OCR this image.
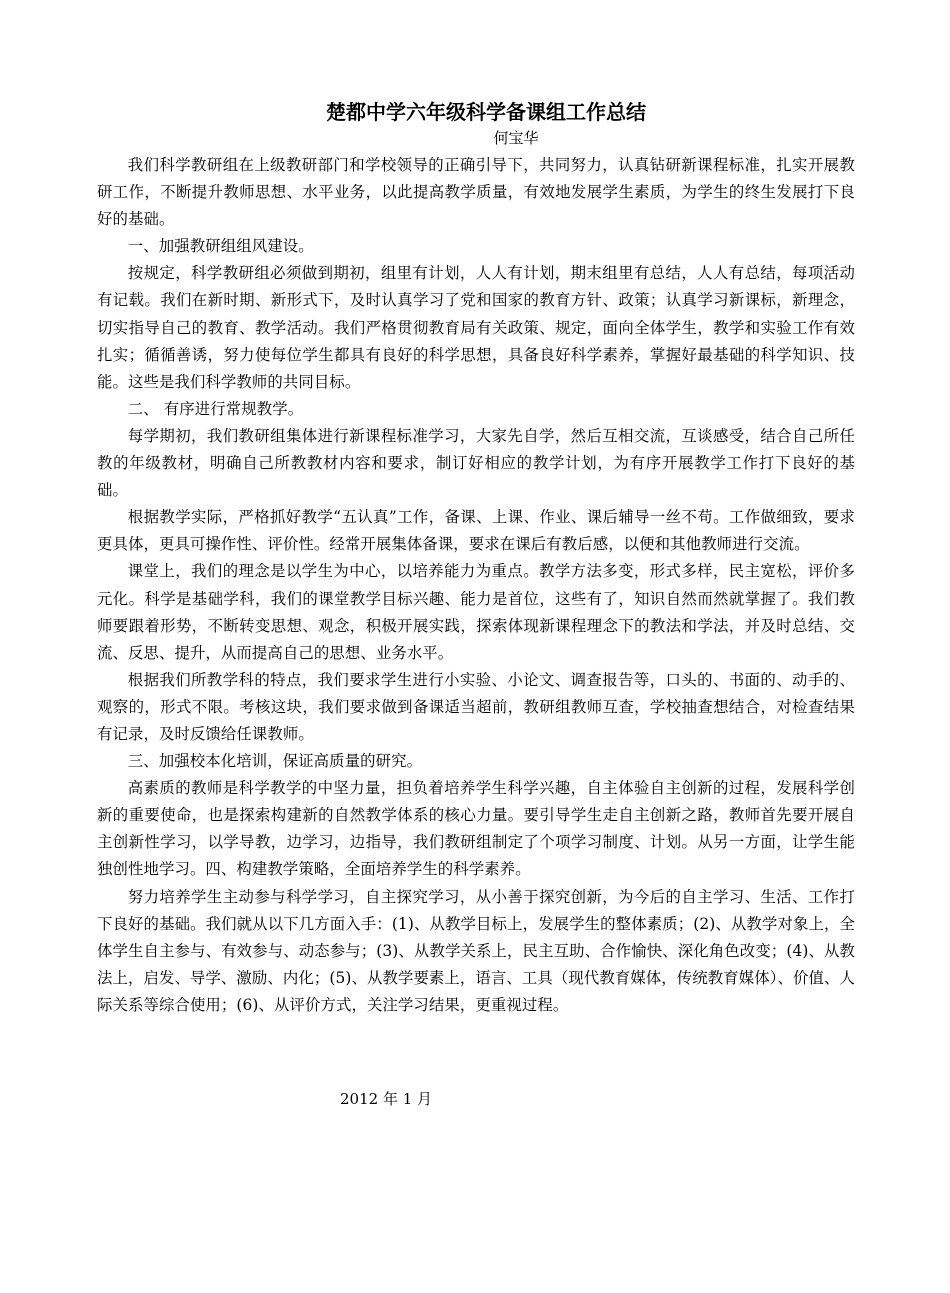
楚都中学六年级科学备课组工作总结
何宝华

我们科学教研组在上级教研部门和学校领导的正确引导下，共同努力，认真钻研新课程标准，扎实开展教研工作，不断提升教师思想、水平业务，以此提高教学质量，有效地发展学生素质，为学生的终生发展打下良好的基础。

一、加强教研组组风建设。

按规定，科学教研组必须做到期初，组里有计划，人人有计划，期末组里有总结，人人有总结，每项活动有记载。我们在新时期、新形式下，及时认真学习了党和国家的教育方针、政策；认真学习新课标，新理念，切实指导自己的教育、教学活动。我们严格贯彻教育局有关政策、规定，面向全体学生，教学和实验工作有效扎实；循循善诱，努力使每位学生都具有良好的科学思想，具备良好科学素养，掌握好最基础的科学知识、技能。这些是我们科学教师的共同目标。

二、 有序进行常规教学。

每学期初，我们教研组集体进行新课程标准学习，大家先自学，然后互相交流，互谈感受，结合自己所任教的年级教材，明确自己所教教材内容和要求，制订好相应的教学计划，为有序开展教学工作打下良好的基础。

根据教学实际，严格抓好教学“五认真”工作，备课、上课、作业、课后辅导一丝不苟。工作做细致，要求更具体，更具可操作性、评价性。经常开展集体备课，要求在课后有教后感，以便和其他教师进行交流。

课堂上，我们的理念是以学生为中心，以培养能力为重点。教学方法多变，形式多样，民主宽松，评价多元化。科学是基础学科，我们的课堂教学目标兴趣、能力是首位，这些有了，知识自然而然就掌握了。我们教师要跟着形势，不断转变思想、观念，积极开展实践，探索体现新课程理念下的教法和学法，并及时总结、交流、反思、提升，从而提高自己的思想、业务水平。

根据我们所教学科的特点，我们要求学生进行小实验、小论文、调查报告等，口头的、书面的、动手的、观察的，形式不限。考核这块，我们要求做到备课适当超前，教研组教师互查，学校抽查想结合，对检查结果有记录，及时反馈给任课教师。

三、加强校本化培训，保证高质量的研究。

高素质的教师是科学教学的中坚力量，担负着培养学生科学兴趣，自主体验自主创新的过程，发展科学创新的重要使命，也是探索构建新的自然教学体系的核心力量。要引导学生走自主创新之路，教师首先要开展自主创新性学习，以学导教，边学习，边指导，我们教研组制定了个项学习制度、计划。从另一方面，让学生能独创性地学习。四、构建教学策略，全面培养学生的科学素养。

努力培养学生主动参与科学学习，自主探究学习，从小善于探究创新，为今后的自主学习、生活、工作打下良好的基础。我们就从以下几方面入手：(1)、从教学目标上，发展学生的整体素质；(2)、从教学对象上，全体学生自主参与、有效参与、动态参与；(3)、从教学关系上，民主互助、合作愉快、深化角色改变；(4)、从教法上，启发、导学、激励、内化；(5)、从教学要素上，语言、工具（现代教育媒体，传统教育媒体）、价值、人际关系等综合使用；(6)、从评价方式，关注学习结果，更重视过程。

2012 年 1 月
